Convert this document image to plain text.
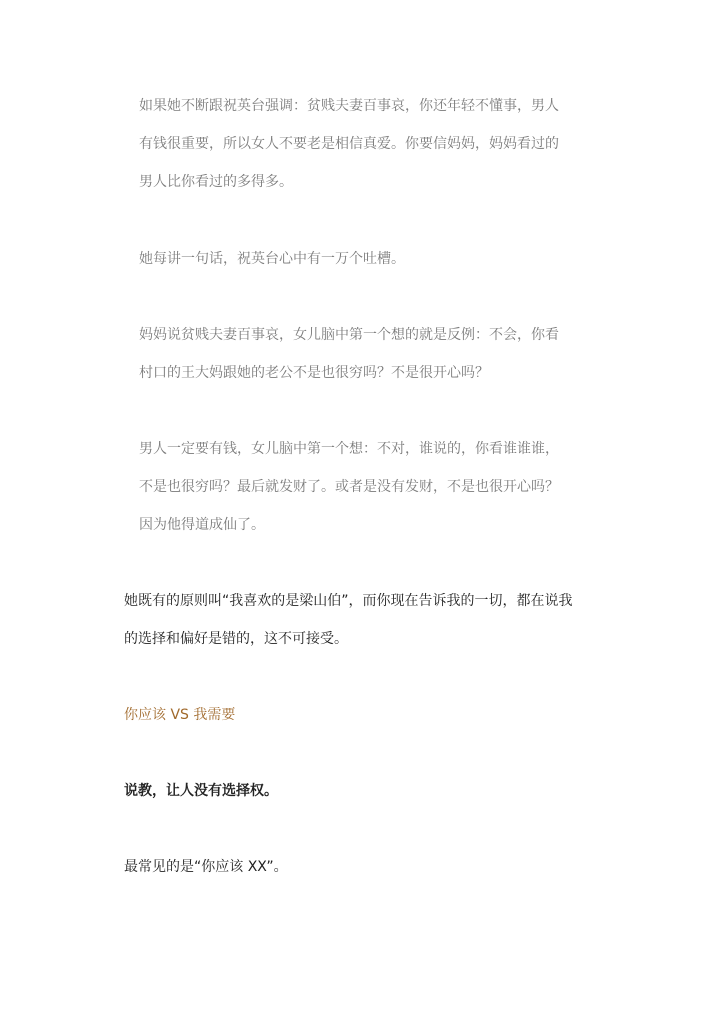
如果她不断跟祝英台强调：贫贱夫妻百事哀，你还年轻不懂事，男人
有钱很重要，所以女人不要老是相信真爱。你要信妈妈，妈妈看过的
男人比你看过的多得多。

她每讲一句话，祝英台心中有一万个吐槽。

妈妈说贫贱夫妻百事哀，女儿脑中第一个想的就是反例：不会，你看
村口的王大妈跟她的老公不是也很穷吗？不是很开心吗？

男人一定要有钱，女儿脑中第一个想：不对，谁说的，你看谁谁谁，
不是也很穷吗？最后就发财了。或者是没有发财，不是也很开心吗？
因为他得道成仙了。

她既有的原则叫“我喜欢的是梁山伯”，而你现在告诉我的一切，都在说我
的选择和偏好是错的，这不可接受。

你应该 VS 我需要

说教，让人没有选择权。

最常见的是“你应该 XX”。
